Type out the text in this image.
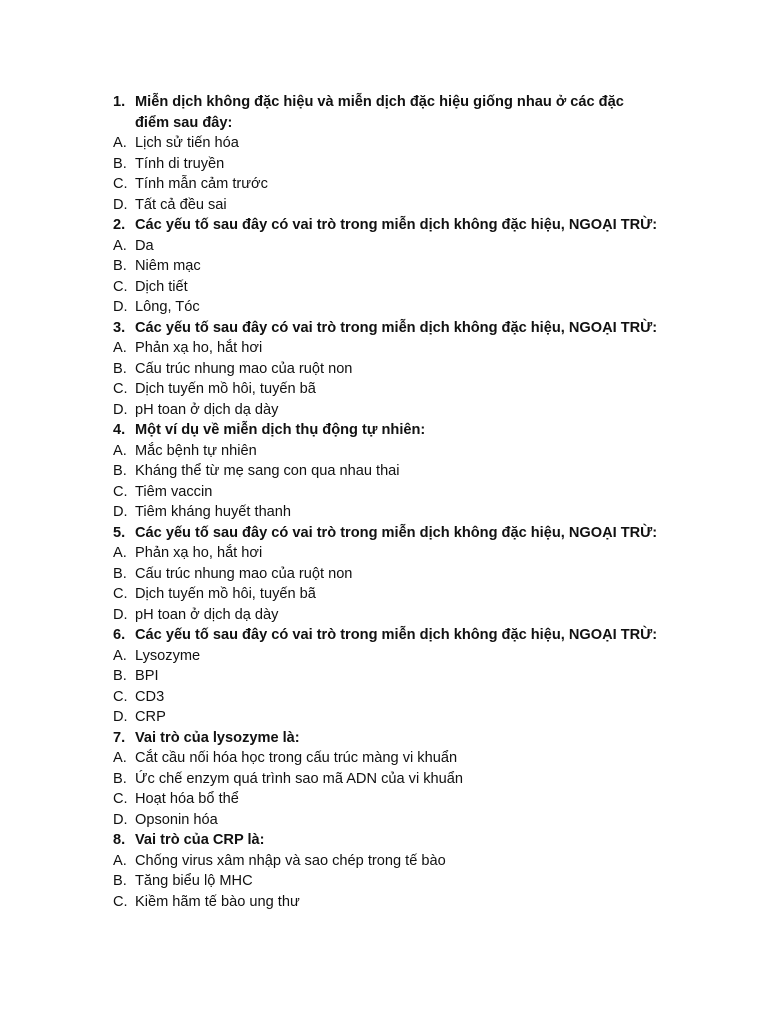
1. Miễn dịch không đặc hiệu và miễn dịch đặc hiệu giống nhau ở các đặc
điểm sau đây:
A. Lịch sử tiến hóa
B. Tính di truyền
C. Tính mẫn cảm trước
D. Tất cả đều sai
2. Các yếu tố sau đây có vai trò trong miễn dịch không đặc hiệu, NGOẠI TRỪ:
A. Da
B. Niêm mạc
C. Dịch tiết
D. Lông, Tóc
3. Các yếu tố sau đây có vai trò trong miễn dịch không đặc hiệu, NGOẠI TRỪ:
A. Phản xạ ho, hắt hơi
B. Cấu trúc nhung mao của ruột non
C. Dịch tuyến mồ hôi, tuyến bã
D. pH toan ở dịch dạ dày
4. Một ví dụ về miễn dịch thụ động tự nhiên:
A. Mắc bệnh tự nhiên
B. Kháng thể từ mẹ sang con qua nhau thai
C. Tiêm vaccin
D. Tiêm kháng huyết thanh
5. Các yếu tố sau đây có vai trò trong miễn dịch không đặc hiệu, NGOẠI TRỪ:
A. Phản xạ ho, hắt hơi
B. Cấu trúc nhung mao của ruột non
C. Dịch tuyến mồ hôi, tuyến bã
D. pH toan ở dịch dạ dày
6. Các yếu tố sau đây có vai trò trong miễn dịch không đặc hiệu, NGOẠI TRỪ:
A. Lysozyme
B. BPI
C. CD3
D. CRP
7. Vai trò của lysozyme là:
A. Cắt cầu nối hóa học trong cấu trúc màng vi khuẩn
B. Ức chế enzym quá trình sao mã ADN của vi khuẩn
C. Hoạt hóa bổ thể
D. Opsonin hóa
8. Vai trò của CRP là:
A. Chống virus xâm nhập và sao chép trong tế bào
B. Tăng biểu lộ MHC
C. Kiềm hãm tế bào ung thư
